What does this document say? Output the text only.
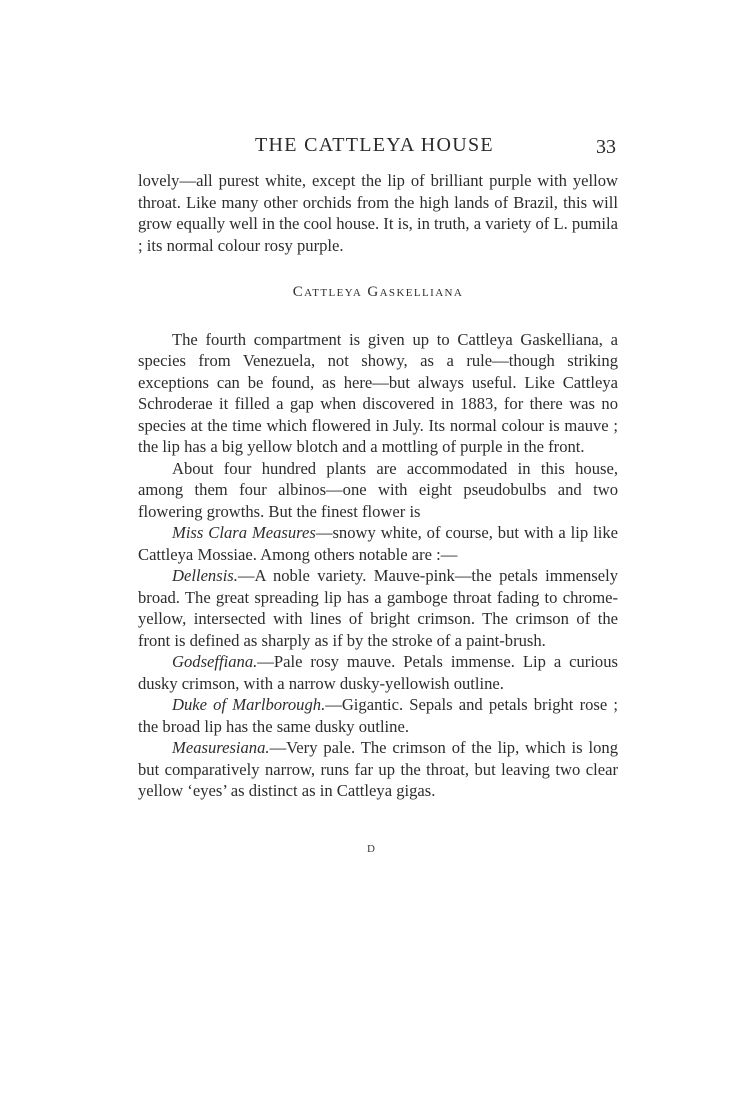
THE CATTLEYA HOUSE	33

lovely—all purest white, except the lip of brilliant purple with yellow throat. Like many other orchids from the high lands of Brazil, this will grow equally well in the cool house. It is, in truth, a variety of L. pumila ; its normal colour rosy purple.

Cattleya Gaskelliana

The fourth compartment is given up to Cattleya Gaskelliana, a species from Venezuela, not showy, as a rule—though striking exceptions can be found, as here—but always useful. Like Cattleya Schroderae it filled a gap when discovered in 1883, for there was no species at the time which flowered in July. Its normal colour is mauve ; the lip has a big yellow blotch and a mottling of purple in the front.

About four hundred plants are accommodated in this house, among them four albinos—one with eight pseudobulbs and two flowering growths. But the finest flower is

Miss Clara Measures—snowy white, of course, but with a lip like Cattleya Mossiae. Among others notable are :—

Dellensis.—A noble variety. Mauve-pink—the petals immensely broad. The great spreading lip has a gamboge throat fading to chrome-yellow, intersected with lines of bright crimson. The crimson of the front is defined as sharply as if by the stroke of a paint-brush.

Godseffiana.—Pale rosy mauve. Petals immense. Lip a curious dusky crimson, with a narrow dusky-yellowish outline.

Duke of Marlborough.—Gigantic. Sepals and petals bright rose ; the broad lip has the same dusky outline.

Measuresiana.—Very pale. The crimson of the lip, which is long but comparatively narrow, runs far up the throat, but leaving two clear yellow ‘eyes’ as distinct as in Cattleya gigas.

D
